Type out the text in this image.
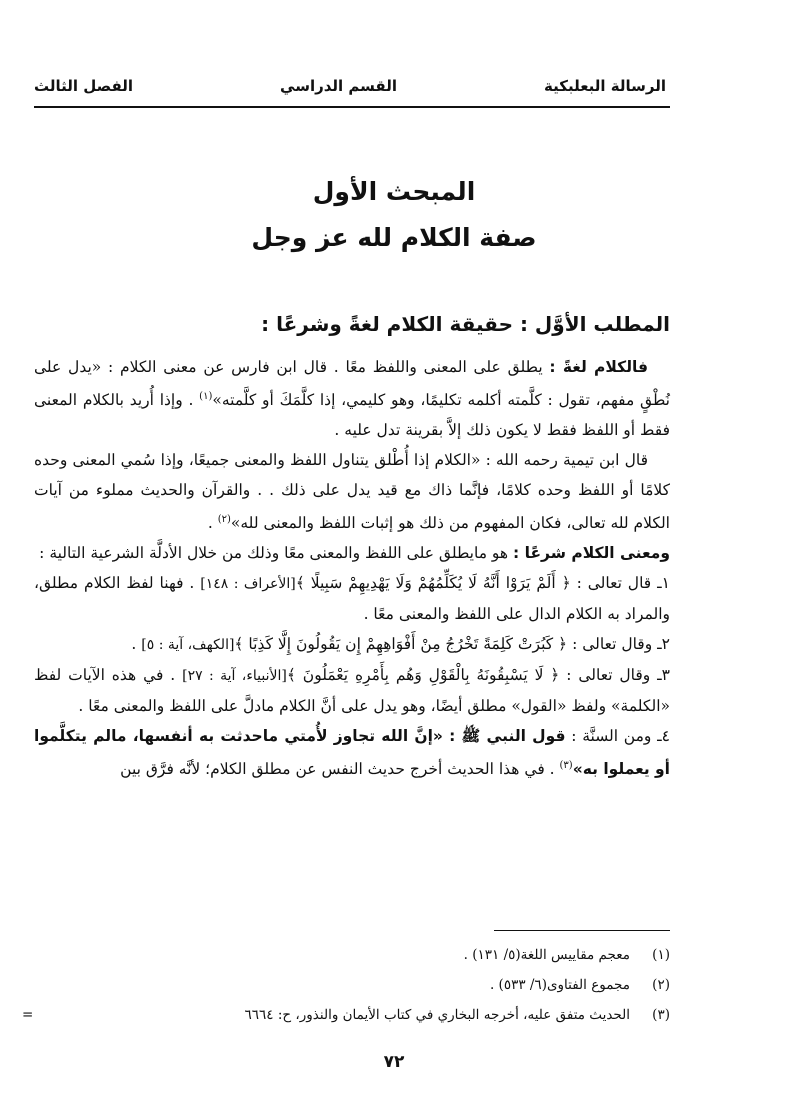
الرسالة البعلبكية
القسم الدراسي
الفصل الثالث
المبحث الأول
صفة الكلام لله عز وجل

المطلب الأوَّل : حقيقة الكلام لغةً وشرعًا :

فالكلام لغةً : يطلق على المعنى واللفظ معًا . قال ابن فارس عن معنى الكلام : «يدل على نُطْقٍ مفهم، تقول : كلَّمته أكلمه تكليمًا، وهو كليمي، إذا كلَّمَكَ أو كلَّمته»$^{(١)}$ . وإذا أُريد بالكلام المعنى فقط أو اللفظ فقط لا يكون ذلك إلاَّ بقرينة تدل عليه .

قال ابن تيمية رحمه الله : «الكلام إذا أُطْلق يتناول اللفظ والمعنى جميعًا، وإذا سُمي المعنى وحده كلامًا أو اللفظ وحده كلامًا، فإنَّما ذاك مع قيد يدل على ذلك . . والقرآن والحديث مملوء من آيات الكلام لله تعالى، فكان المفهوم من ذلك هو إثبات اللفظ والمعنى لله»$^{(٢)}$ .

ومعنى الكلام شرعًا : هو مايطلق على اللفظ والمعنى معًا وذلك من خلال الأدلَّة الشرعية التالية :

١ـ قال تعالى : ﴿ أَلَمْ يَرَوْا أَنَّهُ لَا يُكَلِّمُهُمْ وَلَا يَهْدِيهِمْ سَبِيلًا ﴾[الأعراف : ١٤٨] . فهنا لفظ الكلام مطلق، والمراد به الكلام الدال على اللفظ والمعنى معًا .

٢ـ وقال تعالى : ﴿ كَبُرَتْ كَلِمَةً تَخْرُجُ مِنْ أَفْوَاهِهِمْ إِن يَقُولُونَ إِلَّا كَذِبًا ﴾[الكهف، آية : ٥] .

٣ـ وقال تعالى : ﴿ لَا يَسْبِقُونَهُ بِالْقَوْلِ وَهُم بِأَمْرِهِ يَعْمَلُونَ ﴾[الأنبياء، آية : ٢٧] . في هذه الآيات لفظ «الكلمة» ولفظ «القول» مطلق أيضًا، وهو يدل على أنَّ الكلام مادلَّ على اللفظ والمعنى معًا .

٤ـ ومن السنَّة : قول النبي ﷺ : «إنَّ الله تجاوز لأُمتي ماحدثت به أنفسها، مالم يتكلَّموا أو يعملوا به»$^{(٣)}$ . في هذا الحديث أخرج حديث النفس عن مطلق الكلام؛ لأنَّه فرَّق بين

(١)
معجم مقاييس اللغة(٥/ ١٣١) .

(٢)
مجموع الفتاوى(٦/ ٥٣٣) .

(٣)
الحديث متفق عليه، أخرجه البخاري في كتاب الأيمان والنذور، ح: ٦٦٦٤
=

٧٢
